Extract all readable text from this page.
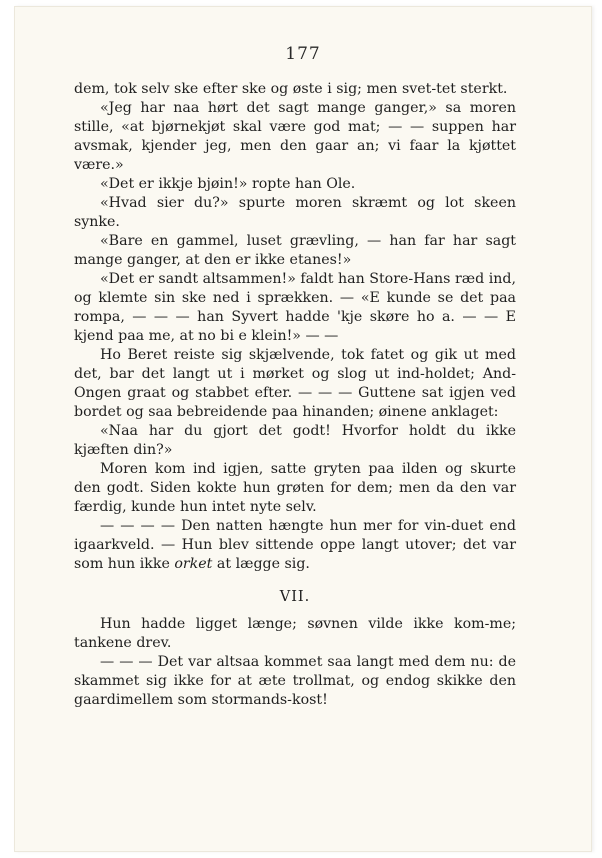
177

dem, tok selv ske efter ske og øste i sig; men svet-tet sterkt.

«Jeg har naa hørt det sagt mange ganger,» sa moren stille, «at bjørnekjøt skal være god mat; — — suppen har avsmak, kjender jeg, men den gaar an; vi faar la kjøttet være.»

«Det er ikkje bjøin!» ropte han Ole.

«Hvad sier du?» spurte moren skræmt og lot skeen synke.

«Bare en gammel, luset grævling, — han far har sagt mange ganger, at den er ikke etanes!»

«Det er sandt altsammen!» faldt han Store-Hans ræd ind, og klemte sin ske ned i sprækken. — «E kunde se det paa rompa, — — — han Syvert hadde 'kje skøre ho a. — — E kjend paa me, at no bi e klein!» — —

Ho Beret reiste sig skjælvende, tok fatet og gik ut med det, bar det langt ut i mørket og slog ut ind-holdet; And-Ongen graat og stabbet efter. — — — Guttene sat igjen ved bordet og saa bebreidende paa hinanden; øinene anklaget:

«Naa har du gjort det godt! Hvorfor holdt du ikke kjæften din?»

Moren kom ind igjen, satte gryten paa ilden og skurte den godt. Siden kokte hun grøten for dem; men da den var færdig, kunde hun intet nyte selv.

— — — — Den natten hængte hun mer for vin-duet end igaarkveld. — Hun blev sittende oppe langt utover; det var som hun ikke orket at lægge sig.

VII.

Hun hadde ligget længe; søvnen vilde ikke kom-me; tankene drev.

— — — Det var altsaa kommet saa langt med dem nu: de skammet sig ikke for at æte trollmat, og endog skikke den gaardimellem som stormands-kost!
